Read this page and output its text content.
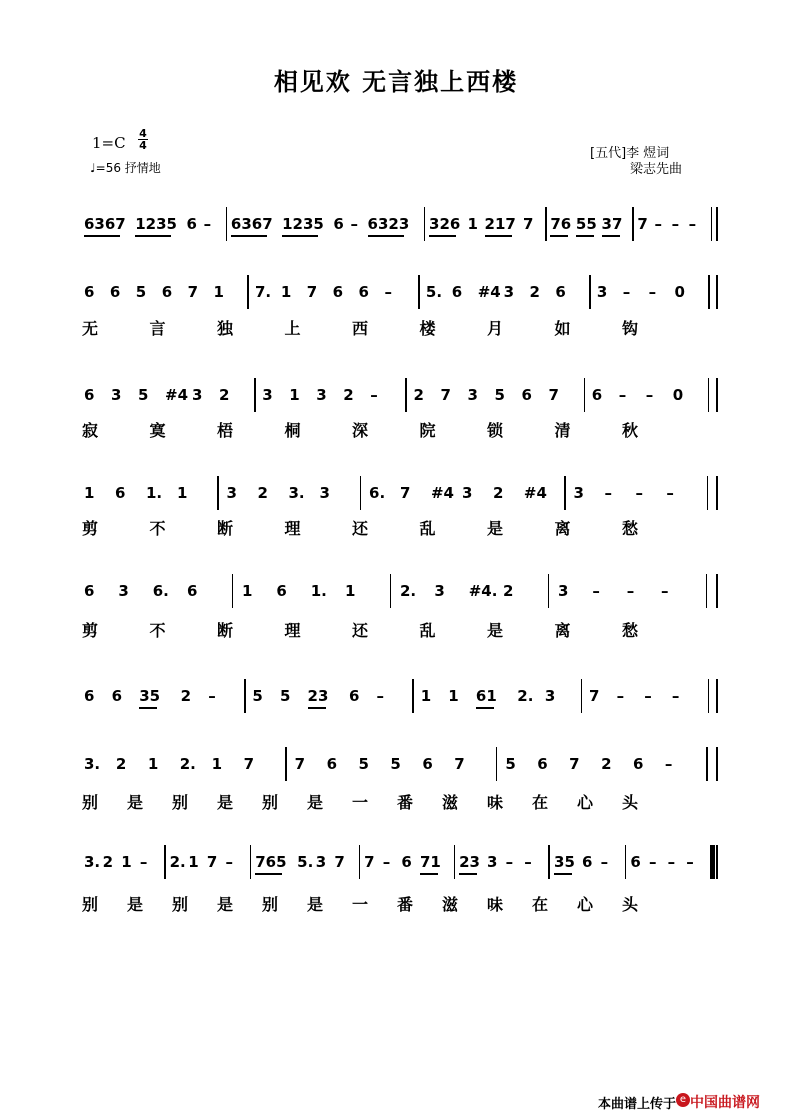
相见欢 无言独上西楼
1=C
4
4
♩=56 抒情地
[五代]李 煜词
梁志先曲
6367 1235 6 – 6367 1235 6 – 6323 326 1 217 7 76 55 37 7 – – –
6 6 5 6 7 1 7. 1 7 6 6 – 5. 6 #4 3 2 6 3 – – 0
无	言	独	上	西	楼	月	如	钩
6 3 5 #4 3 2 3 1 3 2 – 2 7 3 5 6 7 6 – – 0
寂	寞	梧	桐	深	院	锁	清	秋
1 6 1. 1	3 2 3. 3	6. 7 #4 3 2 #4 3 – – –
剪	不	断	理	还	乱	是	离	愁
6 3 6. 6	1 6 1. 1	2. 3 #4. 2	3 – – –
剪	不	断	理	还	乱	是	离	愁
6 6 35 2 – 5 5 23 6 – 1 1 61 2. 3 7 – – –
3. 2 1 2. 1 7	7 6 5 5 6 7	5 6 7 2 6 –
别 是 别 是 别 是 一 番 滋 味 在 心 头
3. 2 1 – 2. 1 7 – 765 5. 3 7 7 – 6 71 23 3 – – 35 6 – 6 – – –
别 是 别 是 别 是 一 番 滋 味 在 心 头
本曲谱上传于 e 中国曲谱网
